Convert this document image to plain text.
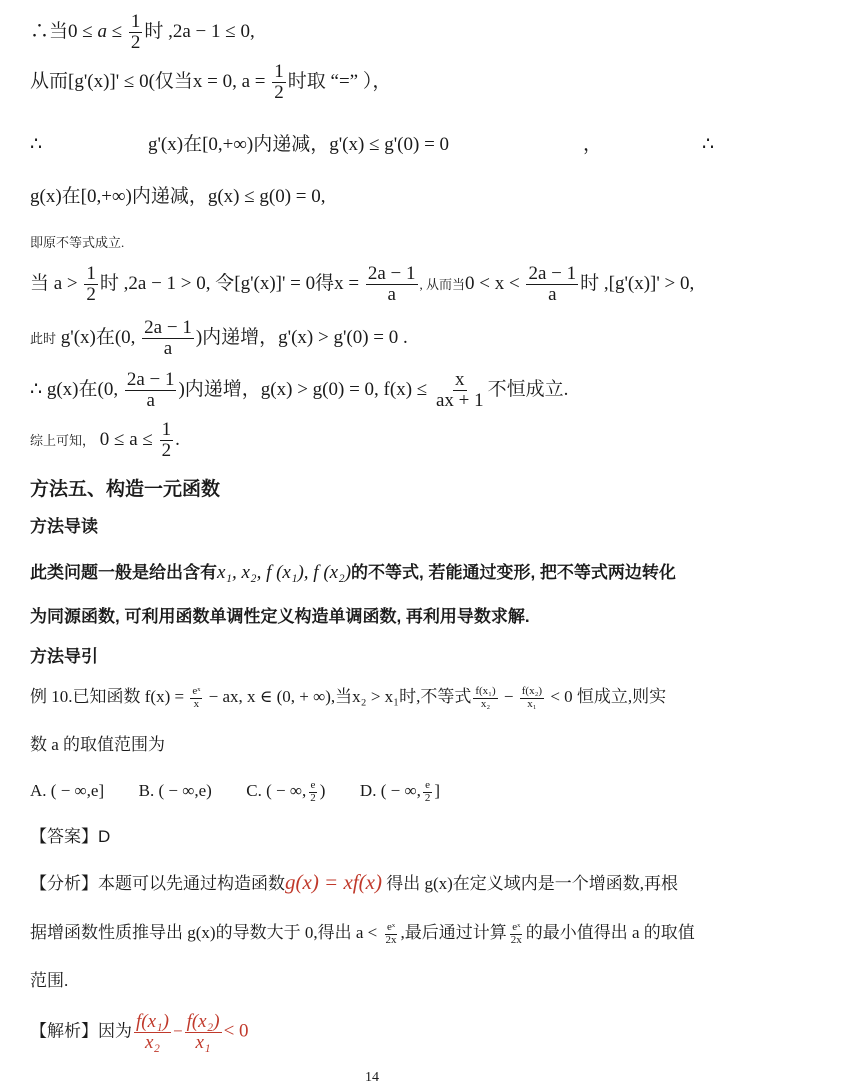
∴当$0 \le a \le \frac{1}{2}$ 时 ,2a − 1 ≤ 0,
从而[g'(x)]' ≤ 0(仅当x = 0, $a = \frac{1}{2}$ 时取 “=” ），
∴	g'(x)在[0,+∞)内递减，g'(x) ≤ g'(0) = 0	，	∴
g(x)在[0,+∞)内递减，g(x) ≤ g(0) = 0,
即原不等式成立.
当 $a > \frac{1}{2}$ 时 ,2a − 1 > 0, 令[g'(x)]' = 0得$x = \frac{2a - 1}{a}$ , 从而当$0 < x < \frac{2a - 1}{a}$ 时 ,[g'(x)]' > 0,
此时 g'(x)在(0, $\frac{2a - 1}{a}$ )内递增，g'(x) > g'(0) = 0 .
∴ g(x)在(0, $\frac{2a - 1}{a}$ )内递增，g(x) > g(0) = 0, $f(x) \le \frac{x}{ax + 1}$ 不恒成立.
综上可知， $0 \le a \le \frac{1}{2}$ .
方法五、构造一元函数
方法导读
此类问题一般是给出含有x₁, x₂, f (x₁), f (x₂)的不等式, 若能通过变形, 把不等式两边转化
为同源函数, 可利用函数单调性定义构造单调函数, 再利用导数求解.
方法导引
例 10.已知函数 $f(x) = \frac{\text{eˣ}}{x}$ − ax, x ∈ (0, + ∞),当x₂ > x₁时,不等式 $\frac{\text{f(x₁)}}{\text{x₂}} - \frac{\text{f(x₂)}}{\text{x₁}} < 0$ 恒成立,则实
数 a 的取值范围为
A. ( − ∞,e] B. ( − ∞,e) C. ( − ∞, $\frac{e}{2}$ ) D. ( − ∞, $\frac{e}{2}$ ]
【答案】D
【分析】本题可以先通过构造函数g(x) = xf(x) 得出 g(x)在定义域内是一个增函数,再根
据增函数性质推导出 g(x)的导数大于 0,得出 $a < \frac{\text{eˣ}}{2x}$ ,最后通过计算 $\frac{\text{eˣ}}{2x}$ 的最小值得出 a 的取值
范围.
【解析】因为 $\frac{\text{f(x₁)}}{\text{x₂}} - \frac{\text{f(x₂)}}{\text{x₁}} < 0$
14
